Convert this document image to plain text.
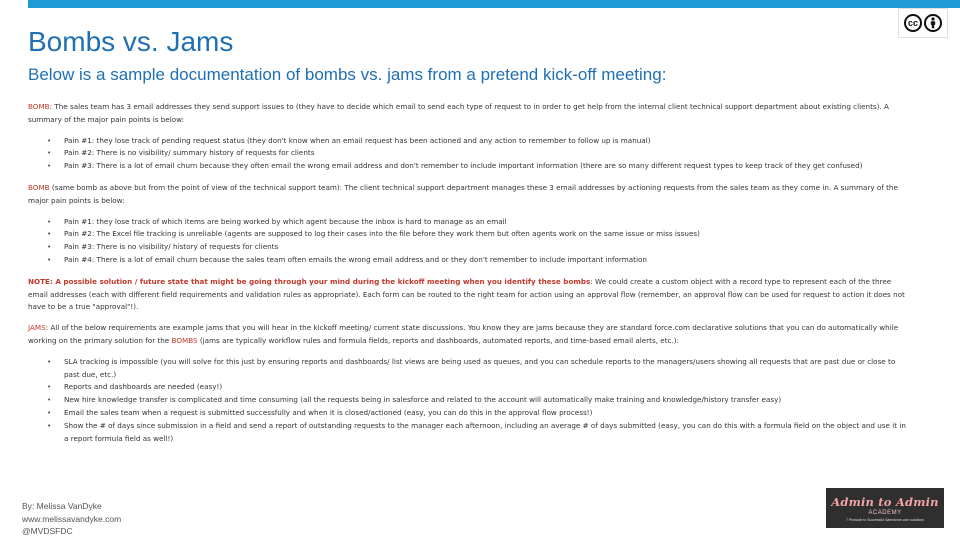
cc
Bombs vs. Jams
Below is a sample documentation of bombs vs. jams from a pretend kick-off meeting:

BOMB: The sales team has 3 email addresses they send support issues to (they have to decide which email to send each type of request to in order to get help from the internal client technical support department about existing clients). A summary of the major pain points is below:

• Pain #1: they lose track of pending request status (they don't know when an email request has been actioned and any action to remember to follow up is manual)
• Pain #2: There is no visibility/ summary history of requests for clients
• Pain #3: There is a lot of email churn because they often email the wrong email address and don't remember to include important information (there are so many different request types to keep track of they get confused)

BOMB (same bomb as above but from the point of view of the technical support team): The client technical support department manages these 3 email addresses by actioning requests from the sales team as they come in. A summary of the major pain points is below:

• Pain #1: they lose track of which items are being worked by which agent because the inbox is hard to manage as an email
• Pain #2: The Excel file tracking is unreliable (agents are supposed to log their cases into the file before they work them but often agents work on the same issue or miss issues)
• Pain #3: There is no visibility/ history of requests for clients
• Pain #4: There is a lot of email churn because the sales team often emails the wrong email address and or they don't remember to include important information

NOTE: A possible solution / future state that might be going through your mind during the kickoff meeting when you identify these bombs: We could create a custom object with a record type to represent each of the three email addresses (each with different field requirements and validation rules as appropriate). Each form can be routed to the right team for action using an approval flow (remember, an approval flow can be used for request to action it does not have to be a true "approval"!).

JAMS: All of the below requirements are example jams that you will hear in the kickoff meeting/ current state discussions. You know they are jams because they are standard force.com declarative solutions that you can do automatically while working on the primary solution for the BOMBS (jams are typically workflow rules and formula fields, reports and dashboards, automated reports, and time-based email alerts, etc.):

• SLA tracking is impossible (you will solve for this just by ensuring reports and dashboards/ list views are being used as queues, and you can schedule reports to the managers/users showing all requests that are past due or close to past due, etc.)
• Reports and dashboards are needed (easy!)
• New hire knowledge transfer is complicated and time consuming (all the requests being in salesforce and related to the account will automatically make training and knowledge/history transfer easy)
• Email the sales team when a request is submitted successfully and when it is closed/actioned (easy, you can do this in the approval flow process!)
• Show the # of days since submission in a field and send a report of outstanding requests to the manager each afternoon, including an average # of days submitted (easy, you can do this with a formula field on the object and use it in a report formula field as well!)
By: Melissa VanDyke
www.melissavandyke.com
@MVDSFDC
Admin to Admin
ACADEMY
7 Pinnacle to Successful Salesforce.com solutions
